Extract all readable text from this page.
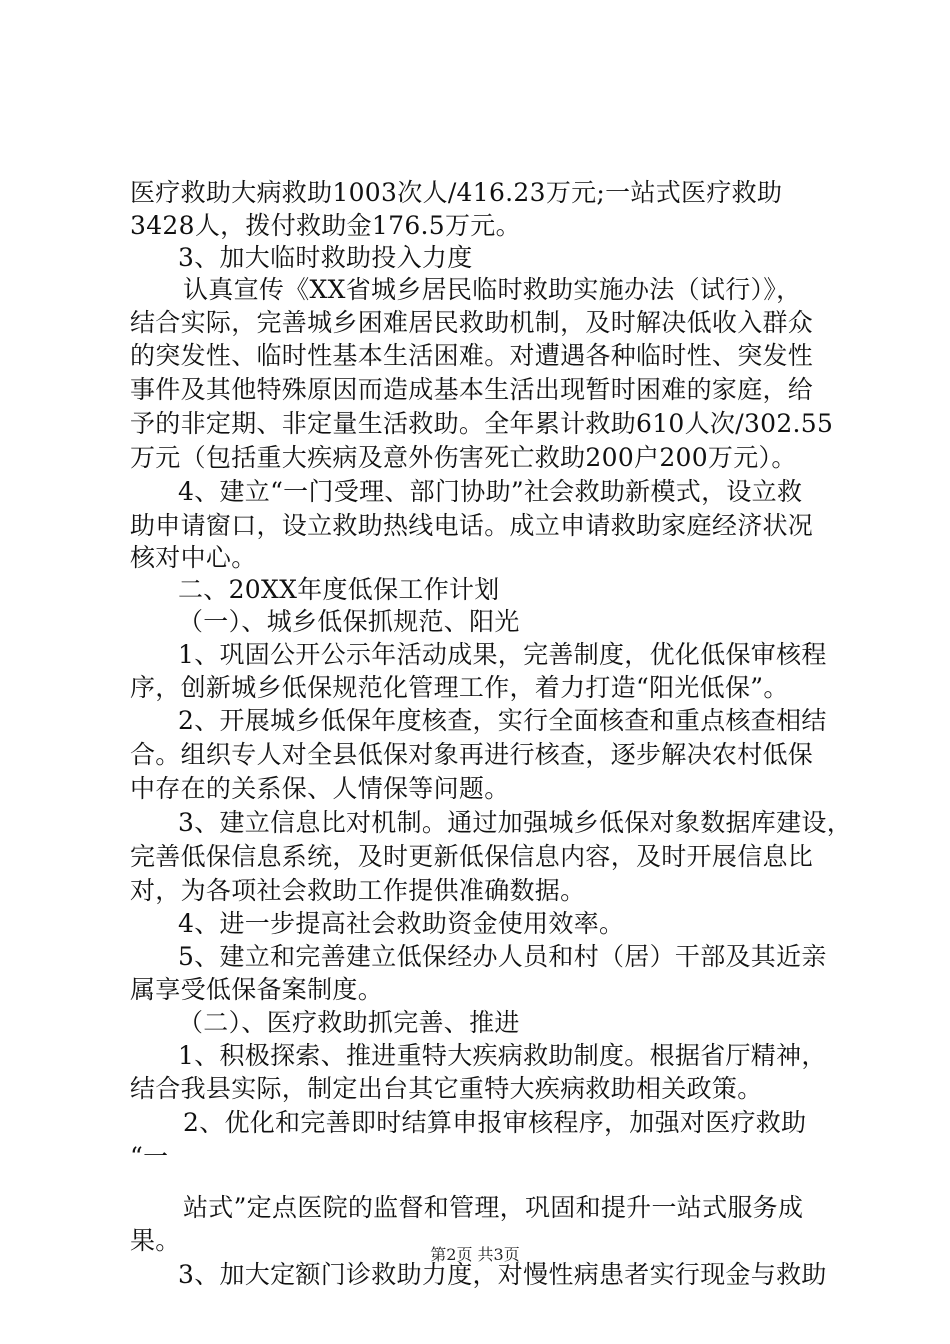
医疗救助大病救助1003次人/416.23万元;一站式医疗救助
3428人，拨付救助金176.5万元。
3、加大临时救助投入力度
认真宣传《XX省城乡居民临时救助实施办法（试行）》，
结合实际，完善城乡困难居民救助机制，及时解决低收入群众
的突发性、临时性基本生活困难。对遭遇各种临时性、突发性
事件及其他特殊原因而造成基本生活出现暂时困难的家庭，给
予的非定期、非定量生活救助。全年累计救助610人次/302.55
万元（包括重大疾病及意外伤害死亡救助200户200万元）。
4、建立“一门受理、部门协助”社会救助新模式，设立救
助申请窗口，设立救助热线电话。成立申请救助家庭经济状况
核对中心。
二、20XX年度低保工作计划
（一）、城乡低保抓规范、阳光
1、巩固公开公示年活动成果，完善制度，优化低保审核程
序，创新城乡低保规范化管理工作，着力打造“阳光低保”。
2、开展城乡低保年度核查，实行全面核查和重点核查相结
合。组织专人对全县低保对象再进行核查，逐步解决农村低保
中存在的关系保、人情保等问题。
3、建立信息比对机制。通过加强城乡低保对象数据库建设，
完善低保信息系统，及时更新低保信息内容，及时开展信息比
对，为各项社会救助工作提供准确数据。
4、进一步提高社会救助资金使用效率。
5、建立和完善建立低保经办人员和村（居）干部及其近亲
属享受低保备案制度。
（二）、医疗救助抓完善、推进
1、积极探索、推进重特大疾病救助制度。根据省厅精神，
结合我县实际，制定出台其它重特大疾病救助相关政策。
2、优化和完善即时结算申报审核程序，加强对医疗救助
“一
站式”定点医院的监督和管理，巩固和提升一站式服务成
果。
3、加大定额门诊救助力度，对慢性病患者实行现金与救助
第2页 共3页
